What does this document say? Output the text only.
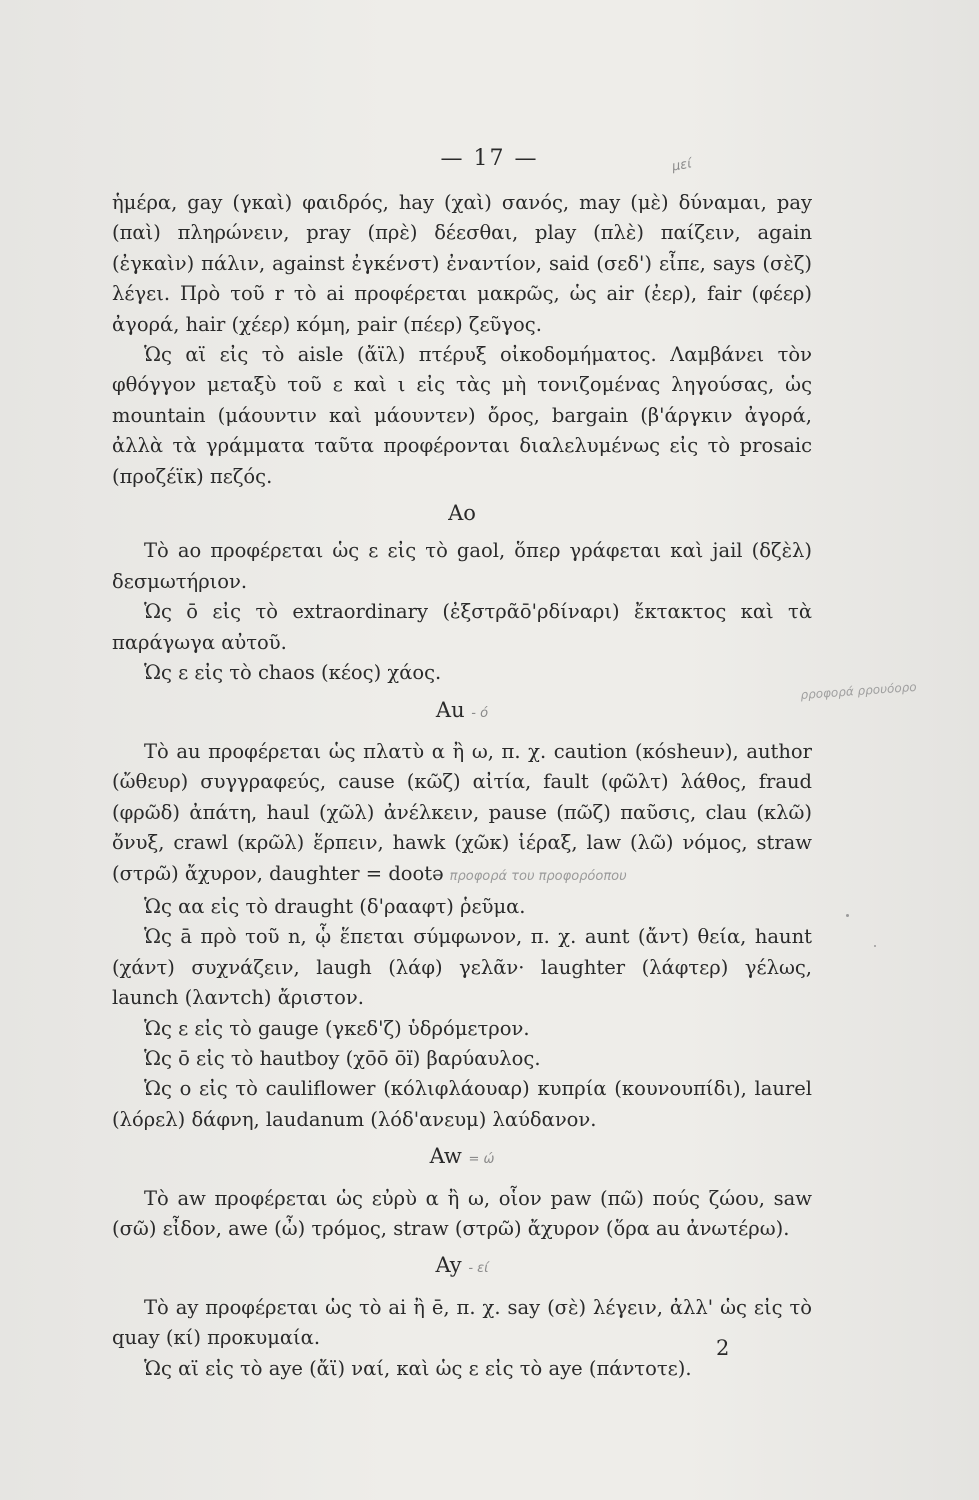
— 17 —	μεί

ἡμέρα, gay (γκαὶ) φαιδρός, hay (χαὶ) σανός, may (μὲ) δύναμαι, pay (παὶ) πληρώνειν, pray (πρὲ) δέεσθαι, play (πλὲ) παίζειν, again (ἐγκαὶν) πάλιν, against ἐγκένστ) ἐναντίον, said (σεδ') εἶπε, says (σὲζ) λέγει. Πρὸ τοῦ r τὸ ai προφέρεται μακρῶς, ὡς air (ἐερ), fair (φέερ) ἀγορά, hair (χέερ) κόμη, pair (πέερ) ζεῦγος.

Ὡς αϊ εἰς τὸ aisle (ἄϊλ) πτέρυξ οἰκοδομήματος. Λαμβάνει τὸν φθόγγον μεταξὺ τοῦ ε καὶ ι εἰς τὰς μὴ τονιζομένας ληγούσας, ὡς mountain (μάουντιν καὶ μάουντεν) ὄρος, bargain (β'άργκιν ἀγορά, ἀλλὰ τὰ γράμματα ταῦτα προφέρονται διαλελυμένως εἰς τὸ prosaic (προζέϊκ) πεζός.

Ao

Τὸ ao προφέρεται ὡς ε εἰς τὸ gaol, ὅπερ γράφεται καὶ jail (δζὲλ) δεσμωτήριον.

Ὡς ō εἰς τὸ extraordinary (ἐξστρᾶō'ρδίναρι) ἔκτακτος καὶ τὰ παράγωγα αὐτοῦ.

Ὡς ε εἰς τὸ chaos (κέος) χάος.

Au - ό

Τὸ au προφέρεται ὡς πλατὺ α ἢ ω, π. χ. caution (κόsheuν), author (ὤθευρ) συγγραφεύς, cause (κῶζ) αἰτία, fault (φῶλτ) λάθος, fraud (φρῶδ) ἀπάτη, haul (χῶλ) ἀνέλκειν, pause (πῶζ) παῦσις, clau (κλῶ) ὄνυξ, crawl (κρῶλ) ἕρπειν, hawk (χῶκ) ἱέραξ, law (λῶ) νόμος, straw (στρῶ) ἄχυρον, daughter = dootə προφορά του προφορόοπου

Ὡς αα εἰς τὸ draught (δ'ρααφτ) ῥεῦμα.

Ὡς ā πρὸ τοῦ n, ᾧ ἕπεται σύμφωνον, π. χ. aunt (ἄντ) θεία, haunt (χάντ) συχνάζειν, laugh (λάφ) γελᾶν· laughter (λάφτερ) γέλως, launch (λαντch) ἄριστον.

Ὡς ε εἰς τὸ gauge (γκεδ'ζ) ὑδρόμετρον.

Ὡς ō εἰς τὸ hautboy (χōō ōï) βαρύαυλος.

Ὡς ο εἰς τὸ cauliflower (κόλιφλάουαρ) κυπρία (κουνουπίδι), laurel (λόρελ) δάφνη, laudanum (λόδ'ανευμ) λαύδανον.

Aw = ώ

Τὸ aw προφέρεται ὡς εὐρὺ α ἢ ω, οἷον paw (πῶ) πούς ζώου, saw (σῶ) εἶδον, awe (ὦ) τρόμος, straw (στρῶ) ἄχυρον (ὅρα au ἀνωτέρω).

Ay - εί

Τὸ ay προφέρεται ὡς τὸ ai ἢ ē, π. χ. say (σὲ) λέγειν, ἀλλ' ὡς εἰς τὸ quay (κί) προκυμαία.

Ὡς αϊ εἰς τὸ aye (ἄϊ) ναί, καὶ ὡς ε εἰς τὸ aye (πάντοτε).

ρροφορά ρρουόορο
2
